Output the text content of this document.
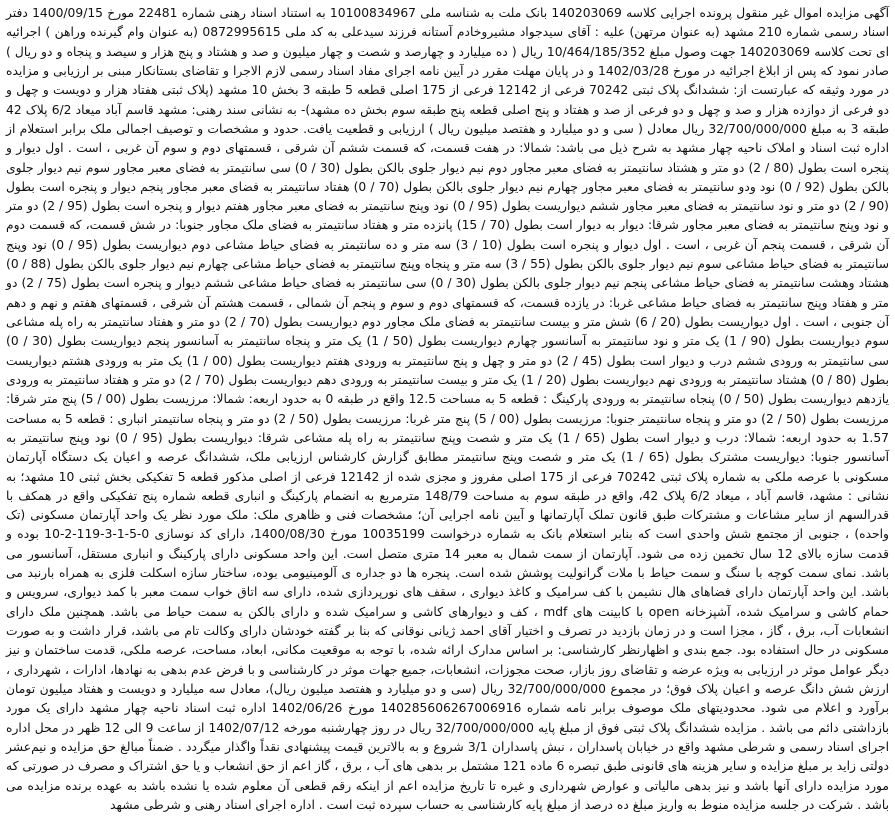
آگهی مزایده اموال غیر منقول پرونده اجرایی کلاسه 140203069 بانک ملت به شناسه ملی 10100834967 به استناد اسناد رهنی شماره 22481 مورخ 1400/09/15 دفتر اسناد رسمی شماره 210 مشهد (به عنوان مرتهن) علیه : آقای سیدجواد مشیروخادم آستانه فرزند سیدعلی به کد ملی 0872995615 (به عنوان وام گیرنده وراهن ) اجرائیه ای تحت کلاسه 140203069 جهت وصول مبلغ 10/464/185/352 ریال ( ده میلیارد و چهارصد و شصت و چهار میلیون و صد و هشتاد و پنج هزار و سیصد و پنجاه و دو ریال ) صادر نمود که پس از ابلاغ اجرائیه در مورخ 1402/03/28 و در پایان مهلت مقرر در آیین نامه اجرای مفاد اسناد رسمی لازم الاجرا و تقاضای بستانکار مبنی بر ارزیابی و مزایده در مورد وثیقه که عبارتست از: ششدانگ پلاک ثبتی 70242 فرعی از 12142 فرعی از 175 اصلی قطعه 5 طبقه 3 بخش 10 مشهد (پلاک ثبتی هفتاد هزار و دویست و چهل و دو فرعی از دوازده هزار و صد و چهل و دو فرعی از صد و هفتاد و پنج اصلی قطعه پنج طبقه سوم بخش ده مشهد)- به نشانی سند رهنی: مشهد قاسم آباد میعاد 6/2 پلاک 42 طبقه 3 به مبلغ 32/700/000/000 ریال معادل ( سی و دو میلیارد و هفتصد میلیون ریال ) ارزیابی و قطعیت یافت. حدود و مشخصات و توصیف اجمالی ملک برابر استعلام از اداره ثبت اسناد و املاک ناحیه چهار مشهد به شرح ذیل می باشد: شمالا: در هفت قسمت، که قسمت ششم آن شرقی ، قسمتهای دوم و سوم آن غربی ، است . اول دیوار و پنجره است بطول (80 / 2) دو متر و هشتاد سانتیمتر به فضای معبر مجاور دوم نیم دیوار جلوی بالکن بطول (30 / 0) سی سانتیمتر به فضای معبر مجاور سوم نیم دیوار جلوی بالکن بطول (92 / 0) نود ودو سانتیمتر به فضای معبر مجاور چهارم نیم دیوار جلوی بالکن بطول (70 / 0) هفتاد سانتیمتر به فضای معبر مجاور پنجم دیوار و پنجره است بطول (90 / 2) دو متر و نود سانتیمتر به فضای معبر مجاور ششم دیواریست بطول (95 / 0) نود وپنج سانتیمتر به فضای معبر مجاور هفتم دیوار و پنجره است بطول (95 / 2) دو متر و نود وپنج سانتیمتر به فضای معبر مجاور شرقا: دیوار به دیوار است بطول (70 / 15) پانزده متر و هفتاد سانتیمتر به فضای ملک مجاور جنوبا: در شش قسمت، که قسمت دوم آن شرقی ، قسمت پنجم آن غربی ، است . اول دیوار و پنجره است بطول (10 / 3) سه متر و ده سانتیمتر به فضای حیاط مشاعی دوم دیواریست بطول (95 / 0) نود وپنج سانتیمتر به فضای حیاط مشاعی سوم نیم دیوار جلوی بالکن بطول (55 / 3) سه متر و پنجاه وپنج سانتیمتر به فضای حیاط مشاعی چهارم نیم دیوار جلوی بالکن بطول (88 / 0) هشتاد وهشت سانتیمتر به فضای حیاط مشاعی پنجم نیم دیوار جلوی بالکن بطول (30 / 0) سی سانتیمتر به فضای حیاط مشاعی ششم دیوار و پنجره است بطول (75 / 2) دو متر و هفتاد وپنج سانتیمتر به فضای حیاط مشاعی غربا: در یازده قسمت، که قسمتهای دوم و سوم و پنجم آن شمالی ، قسمت هشتم آن شرقی ، قسمتهای هفتم و نهم و دهم آن جنوبی ، است . اول دیواریست بطول (20 / 6) شش متر و بیست سانتیمتر به فضای ملک مجاور دوم دیواریست بطول (70 / 2) دو متر و هفتاد سانتیمتر به راه پله مشاعی سوم دیواریست بطول (90 / 1) یک متر و نود سانتیمتر به آسانسور چهارم دیواریست بطول (50 / 1) یک متر و پنجاه سانتیمتر به آسانسور پنجم دیواریست بطول (30 / 0) سی سانتیمتر به ورودی ششم درب و دیوار است بطول (45 / 2) دو متر و چهل و پنج سانتیمتر به ورودی هفتم دیواریست بطول (00 / 1) یک متر به ورودی هشتم دیواریست بطول (80 / 0) هشتاد سانتیمتر به ورودی نهم دیواریست بطول (20 / 1) یک متر و بیست سانتیمتر به ورودی دهم دیواریست بطول (70 / 2) دو متر و هفتاد سانتیمتر به ورودی یازدهم دیواریست بطول (50 / 0) پنجاه سانتیمتر به ورودی پارکینگ : قطعه 5 به مساحت 12.5 واقع در طبقه 0 به حدود اربعه: شمالا: مرزیست بطول (00 / 5) پنج متر شرقا: مرزیست بطول (50 / 2) دو متر و پنجاه سانتیمتر جنوبا: مرزیست بطول (00 / 5) پنج متر غربا: مرزیست بطول (50 / 2) دو متر و پنجاه سانتیمتر انباری : قطعه 5 به مساحت 1.57 به حدود اربعه: شمالا: درب و دیوار است بطول (65 / 1) یک متر و شصت وپنج سانتیمتر به راه پله مشاعی شرقا: دیواریست بطول (95 / 0) نود وپنج سانتیمتر به آسانسور جنوبا: دیواریست مشترک بطول (65 / 1) یک متر و شصت وپنج سانتیمتر مطابق گزارش کارشناس ارزیابی ملک، ششدانگ عرصه و اعیان یک دستگاه آپارتمان مسکونی با عرصه ملکی به شماره پلاک ثبتی 70242 فرعی از 175 اصلی مفروز و مجزی شده از 12142 فرعی از اصلی مذکور قطعه 5 تفکیکی بخش ثبتی 10 مشهد؛ به نشانی : مشهد، قاسم آباد ، میعاد 6/2 پلاک 42، واقع در طبقه سوم به مساحت 148/79 مترمربع به انضمام پارکینگ و انباری قطعه شماره پنج تفکیکی واقع در همکف با قدرالسهم از سایر مشاعات و مشترکات طبق قانون تملک آپارتمانها و آیین نامه اجرایی آن؛ مشخصات فنی و ظاهری ملک: ملک مورد نظر یک واحد آپارتمان مسکونی (تک واحده) ، جنوبی از مجتمع شش واحدی است که بنابر استعلام بانک به شماره درخواست 10035199 مورخ 1400/08/30، دارای کد نوسازی 0-5-1-3-119-2-10 بوده و قدمت سازه بالای 12 سال تخمین زده می شود. آپارتمان از سمت شمال به معبر 14 متری متصل است. این واحد مسکونی دارای پارکینگ و انباری مستقل، آسانسور می باشد. نمای سمت کوچه با سنگ و سمت حیاط با ملات گرانولیت پوشش شده است. پنجره ها دو جداره ی آلومینیومی بوده، ساختار سازه اسکلت فلزی به همراه بارنبد می باشد. این واحد آپارتمان دارای فضاهای هال نشیمن با کف سرامیک و کاغذ دیواری ، سقف های نورپردازی شده، دارای سه اتاق خواب سمت معبر با کمد دیواری، سرویس و حمام کاشی و سرامیک شده، آشپزخانه open با کابینت های mdf ، کف و دیوارهای کاشی و سرامیک شده و دارای بالکن به سمت حیاط می باشد. همچنین ملک دارای انشعابات آب، برق ، گاز ، مجزا است و در زمان بازدید در تصرف و اختیار آقای احمد ژیانی نوقانی که بنا بر گفته خودشان دارای وکالت تام می باشد، قرار داشت و به صورت مسکونی در حال استفاده بود. جمع بندی و اظهارنظر کارشناسی: بر اساس مدارک ارائه شده، با توجه به موقعیت مکانی، ابعاد، مساحت، عرصه ملکی، قدمت ساختمان و نیز دیگر عوامل موثر در ارزیابی به ویژه عرضه و تقاضای روز بازار، صحت مجوزات، انشعابات، جمیع جهات موثر در کارشناسی و با فرض عدم بدهی به نهادها، ادارات ، شهرداری ، ارزش شش دانگ عرصه و اعیان پلاک فوق؛ در مجموع 32/700/000/000 ریال (سی و دو میلیارد و هفتصد میلیون ریال)، معادل سه میلیارد و دویست و هفتاد میلیون تومان برآورد و اعلام می شود. محدودیتهای ملک موصوف برابر نامه شماره 140285606267006916 مورخ 1402/06/26 اداره ثبت اسناد ناحیه چهار مشهد دارای یک مورد بازداشتی دائم می باشد . مزایده ششدانگ پلاک ثبتی فوق از مبلغ پایه 32/700/000/000 ریال در روز چهارشنبه مورخه 1402/07/12 از ساعت 9 الی 12 ظهر در محل اداره اجرای اسناد رسمی و شرطی مشهد واقع در خیابان پاسداران ، نبش پاسداران 3/1 شروع و به بالاترین قیمت پیشنهادی نقداً واگذار میگردد . ضمناً مبالغ حق مزایده و نیم‌عشر دولتی زاید بر مبلغ مزایده و سایر هزینه های قانونی طبق تبصره 6 ماده 121 مشتمل بر بدهی های آب ، برق ، گاز اعم از حق انشعاب و یا حق اشتراک و مصرف در صورتی که مورد مزایده دارای آنها باشد و نیز بدهی مالیاتی و عوارض شهرداری و غیره تا تاریخ مزایده اعم از اینکه رقم قطعی آن معلوم شده یا نشده باشد به عهده برنده مزایده می باشد . شرکت در جلسه مزایده منوط به واریز مبلغ ده درصد از مبلغ پایه کارشناسی به حساب سپرده ثبت است . اداره اجرای اسناد رهنی و شرطی مشهد
